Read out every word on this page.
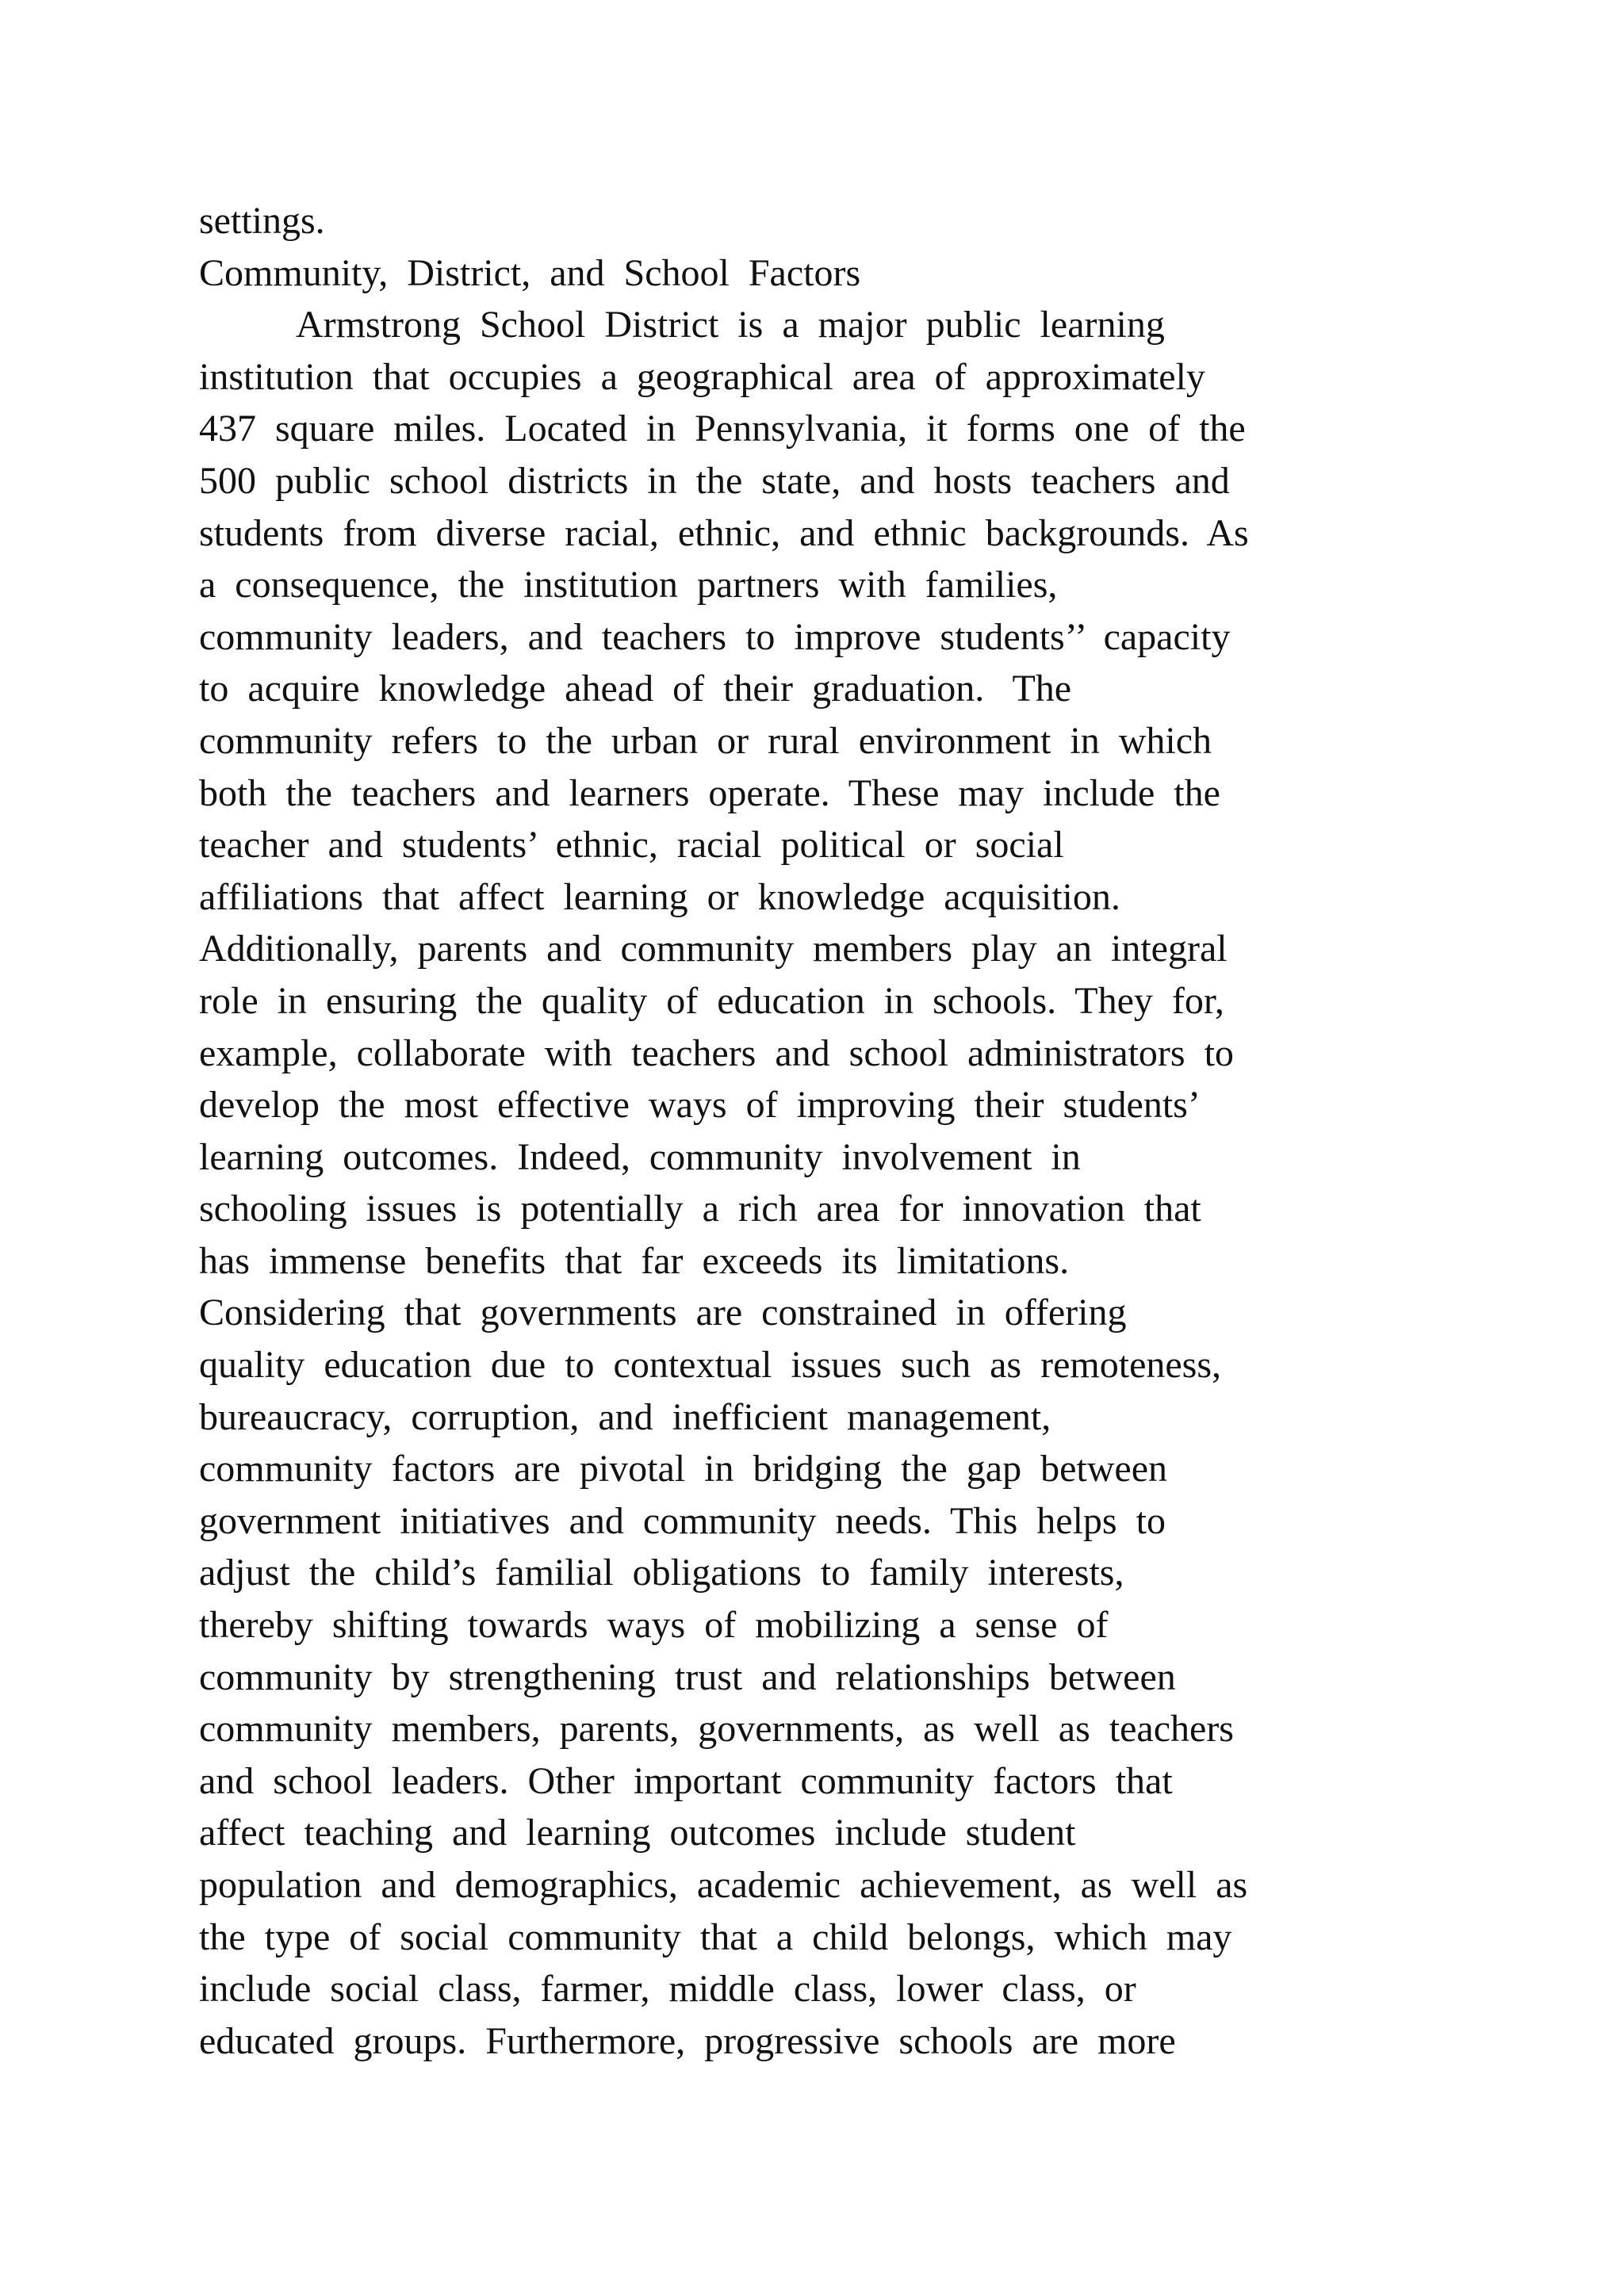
settings.

Community,  District,  and  School  Factors

Armstrong  School  District  is  a  major  public  learning

institution  that  occupies  a  geographical  area  of  approximately

437  square  miles.  Located  in  Pennsylvania,  it  forms  one  of  the

500  public  school  districts  in  the  state,  and  hosts  teachers  and

students  from  diverse  racial,  ethnic,  and  ethnic  backgrounds.  As

a  consequence,  the  institution  partners  with  families,

community  leaders,  and  teachers  to  improve  students’’  capacity

to  acquire  knowledge  ahead  of  their  graduation.   The

community  refers  to  the  urban  or  rural  environment  in  which

both  the  teachers  and  learners  operate.  These  may  include  the

teacher  and  students’  ethnic,  racial  political  or  social

affiliations  that  affect  learning  or  knowledge  acquisition.

Additionally,  parents  and  community  members  play  an  integral

role  in  ensuring  the  quality  of  education  in  schools.  They  for,

example,  collaborate  with  teachers  and  school  administrators  to

develop  the  most  effective  ways  of  improving  their  students’

learning  outcomes.  Indeed,  community  involvement  in

schooling  issues  is  potentially  a  rich  area  for  innovation  that

has  immense  benefits  that  far  exceeds  its  limitations.

Considering  that  governments  are  constrained  in  offering

quality  education  due  to  contextual  issues  such  as  remoteness,

bureaucracy,  corruption,  and  inefficient  management,

community  factors  are  pivotal  in  bridging  the  gap  between

government  initiatives  and  community  needs.  This  helps  to

adjust  the  child’s  familial  obligations  to  family  interests,

thereby  shifting  towards  ways  of  mobilizing  a  sense  of

community  by  strengthening  trust  and  relationships  between

community  members,  parents,  governments,  as  well  as  teachers

and  school  leaders.  Other  important  community  factors  that

affect  teaching  and  learning  outcomes  include  student

population  and  demographics,  academic  achievement,  as  well  as

the  type  of  social  community  that  a  child  belongs,  which  may

include  social  class,  farmer,  middle  class,  lower  class,  or

educated  groups.  Furthermore,  progressive  schools  are  more
